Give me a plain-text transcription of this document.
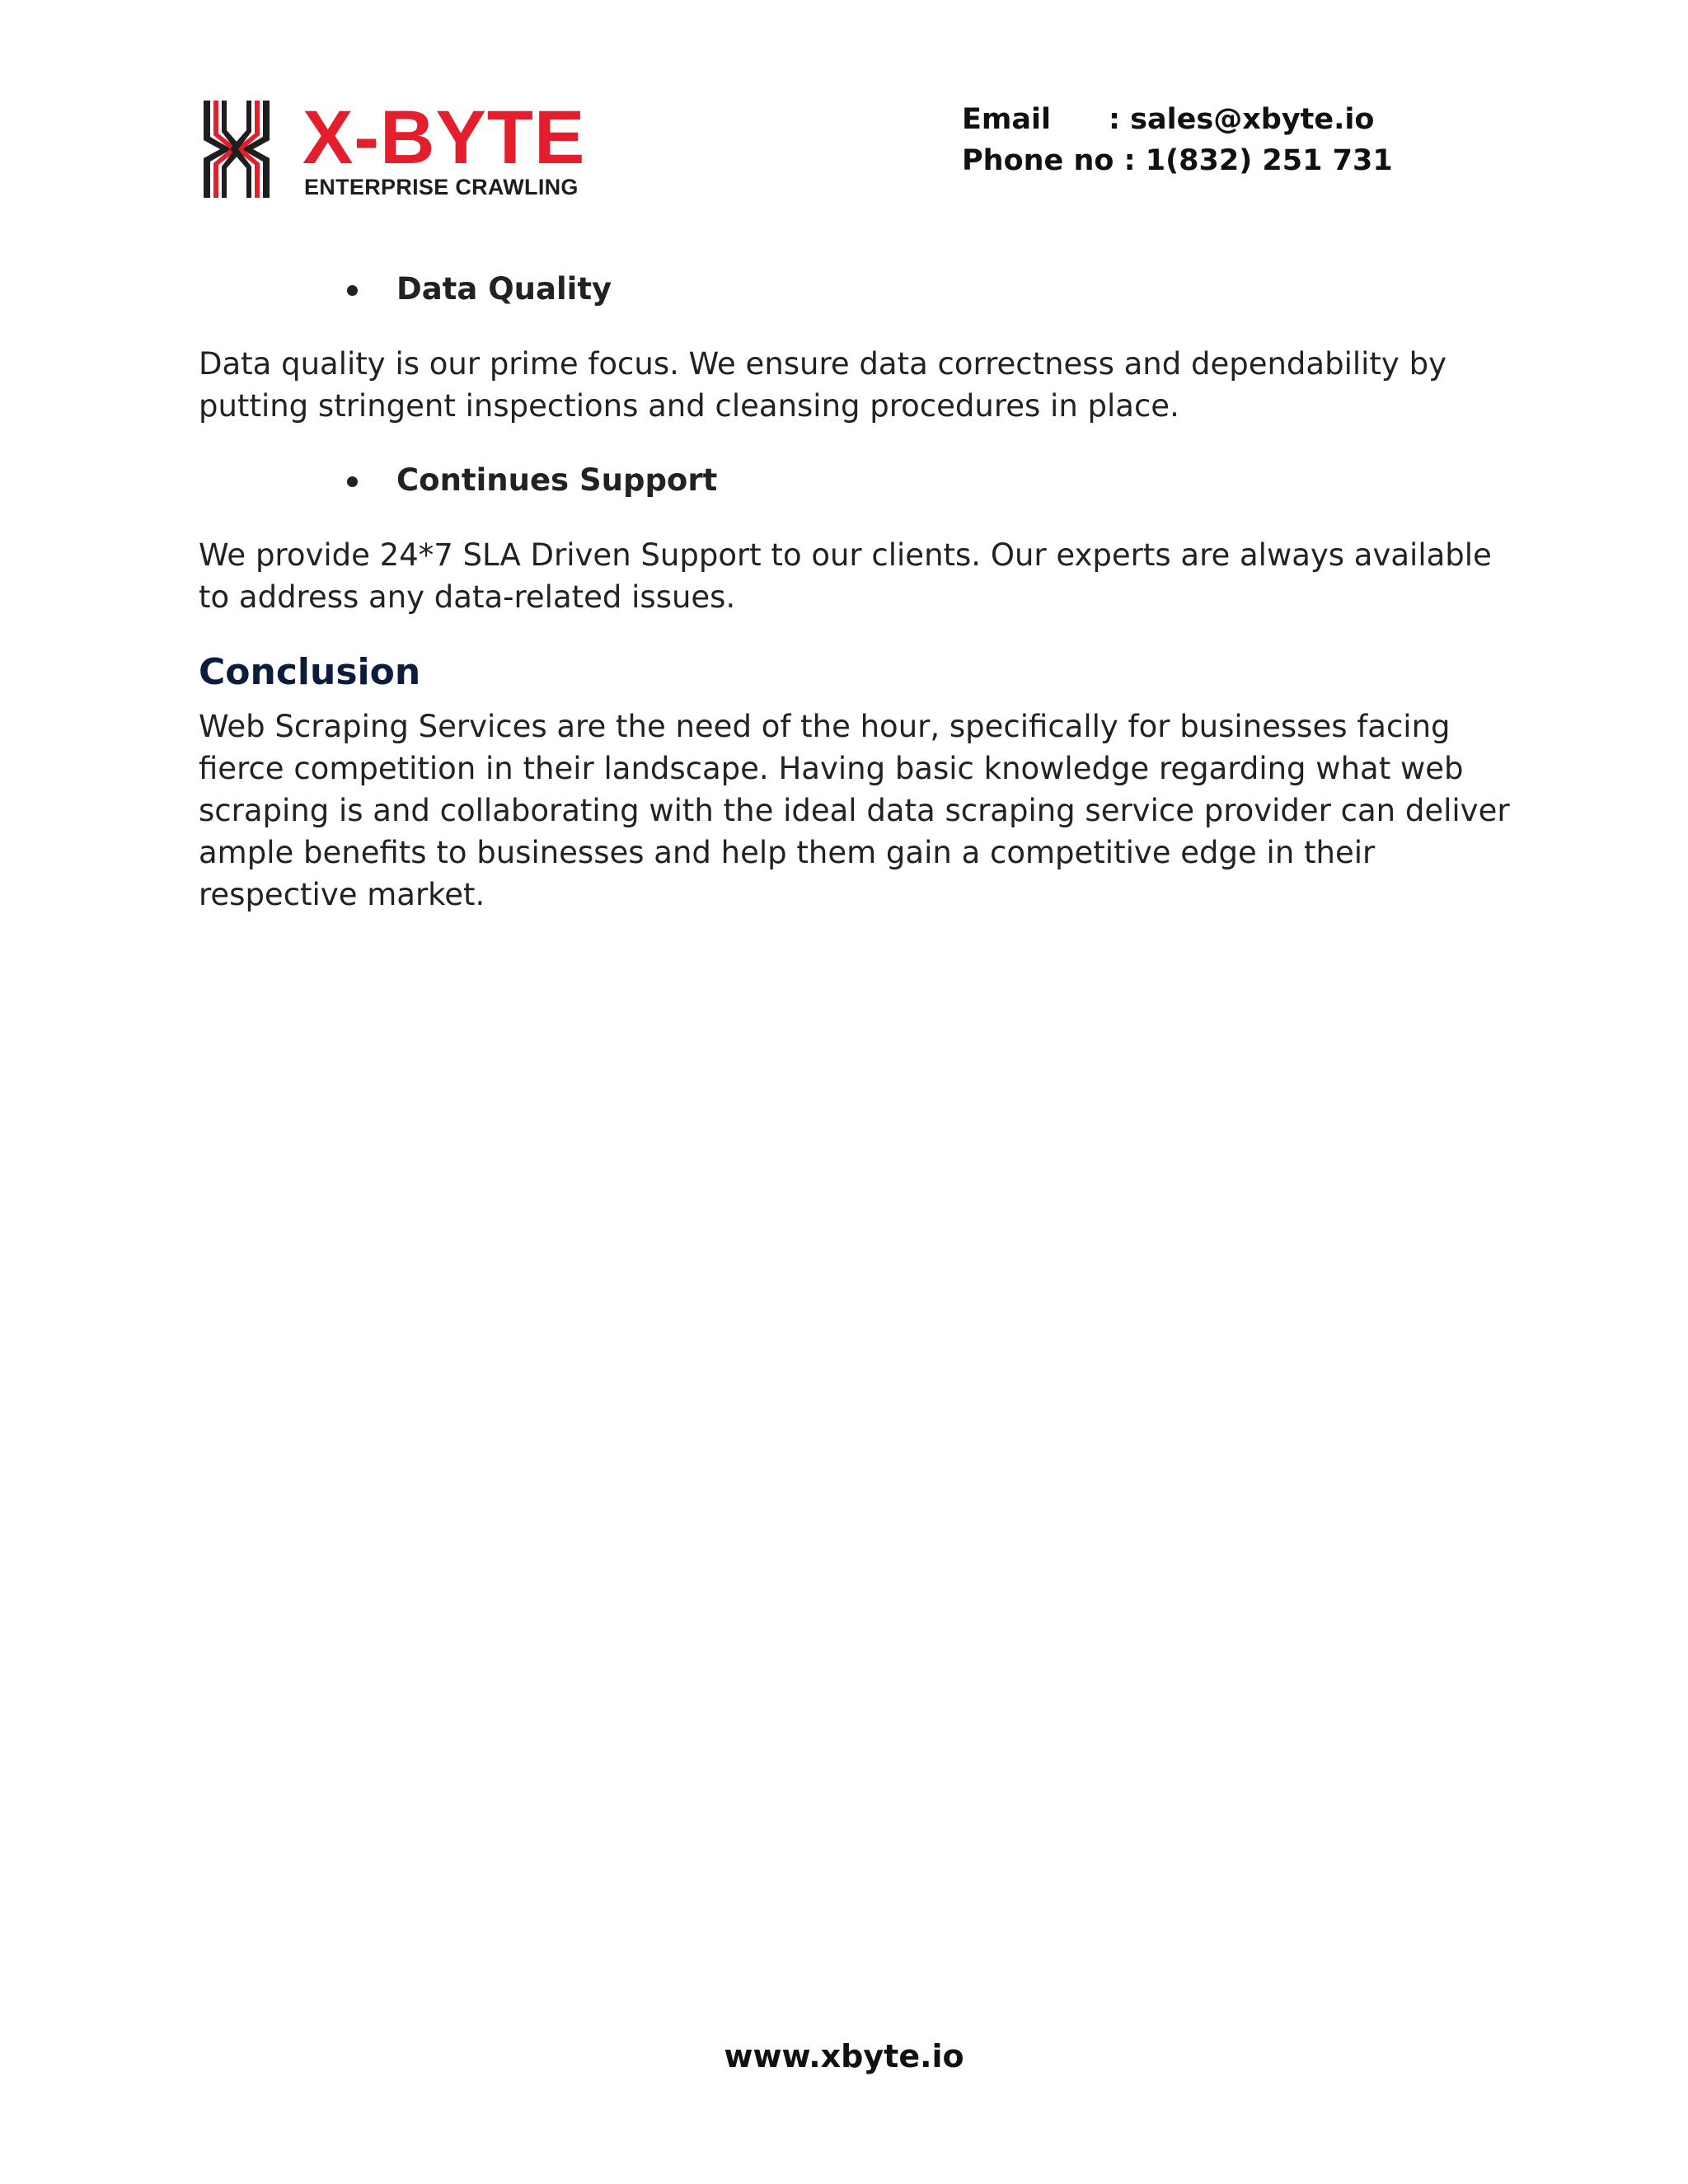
X-BYTE
ENTERPRISE CRAWLING
Email : sales@xbyte.io
Phone no : 1(832) 251 731
Data Quality

Data quality is our prime focus. We ensure data correctness and dependability by putting stringent inspections and cleansing procedures in place.

Continues Support

We provide 24*7 SLA Driven Support to our clients. Our experts are always available to address any data-related issues.

Conclusion

Web Scraping Services are the need of the hour, specifically for businesses facing fierce competition in their landscape. Having basic knowledge regarding what web scraping is and collaborating with the ideal data scraping service provider can deliver ample benefits to businesses and help them gain a competitive edge in their respective market.

www.xbyte.io
